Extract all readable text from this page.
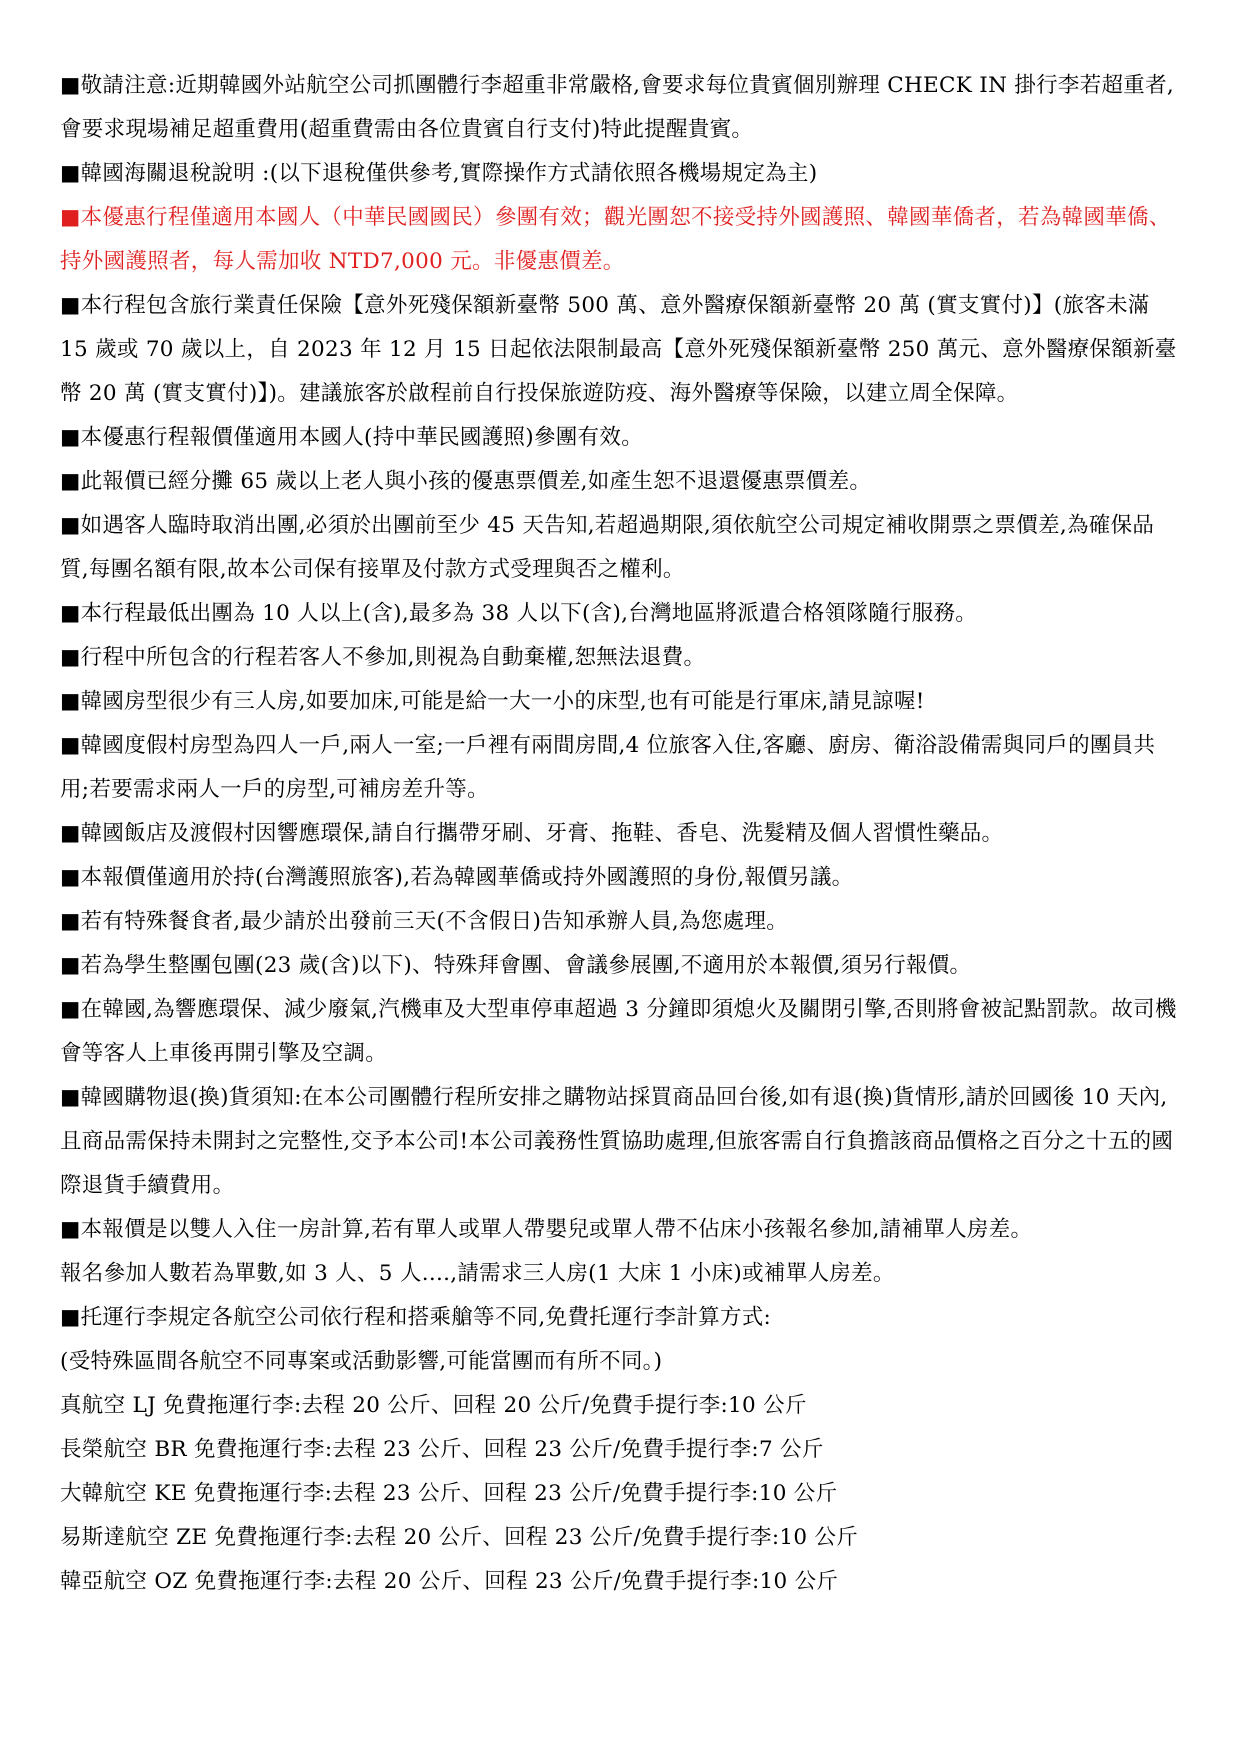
■敬請注意:近期韓國外站航空公司抓團體行李超重非常嚴格,會要求每位貴賓個別辦理 CHECK IN 掛行李若超重者,會要求現場補足超重費用(超重費需由各位貴賓自行支付)特此提醒貴賓。

■韓國海關退稅說明 :(以下退稅僅供參考,實際操作方式請依照各機場規定為主)

■本優惠行程僅適用本國人（中華民國國民）參團有效；觀光團恕不接受持外國護照、韓國華僑者，若為韓國華僑、持外國護照者，每人需加收 NTD7,000 元。非優惠價差。

■本行程包含旅行業責任保險【意外死殘保額新臺幣 500 萬、意外醫療保額新臺幣 20 萬 (實支實付)】(旅客未滿 15 歲或 70 歲以上，自 2023 年 12 月 15 日起依法限制最高【意外死殘保額新臺幣 250 萬元、意外醫療保額新臺幣 20 萬 (實支實付)】)。建議旅客於啟程前自行投保旅遊防疫、海外醫療等保險，以建立周全保障。

■本優惠行程報價僅適用本國人(持中華民國護照)參團有效。

■此報價已經分攤 65 歲以上老人與小孩的優惠票價差,如產生恕不退還優惠票價差。

■如遇客人臨時取消出團,必須於出團前至少 45 天告知,若超過期限,須依航空公司規定補收開票之票價差,為確保品質,每團名額有限,故本公司保有接單及付款方式受理與否之權利。

■本行程最低出團為 10 人以上(含),最多為 38 人以下(含),台灣地區將派遣合格領隊隨行服務。

■行程中所包含的行程若客人不參加,則視為自動棄權,恕無法退費。

■韓國房型很少有三人房,如要加床,可能是給一大一小的床型,也有可能是行軍床,請見諒喔!

■韓國度假村房型為四人一戶,兩人一室;一戶裡有兩間房間,4 位旅客入住,客廳、廚房、衛浴設備需與同戶的團員共用;若要需求兩人一戶的房型,可補房差升等。

■韓國飯店及渡假村因響應環保,請自行攜帶牙刷、牙膏、拖鞋、香皂、洗髮精及個人習慣性藥品。

■本報價僅適用於持(台灣護照旅客),若為韓國華僑或持外國護照的身份,報價另議。

■若有特殊餐食者,最少請於出發前三天(不含假日)告知承辦人員,為您處理。

■若為學生整團包團(23 歲(含)以下)、特殊拜會團、會議參展團,不適用於本報價,須另行報價。

■在韓國,為響應環保、減少廢氣,汽機車及大型車停車超過 3 分鐘即須熄火及關閉引擎,否則將會被記點罰款。故司機會等客人上車後再開引擎及空調。

■韓國購物退(換)貨須知:在本公司團體行程所安排之購物站採買商品回台後,如有退(換)貨情形,請於回國後 10 天內,且商品需保持未開封之完整性,交予本公司!本公司義務性質協助處理,但旅客需自行負擔該商品價格之百分之十五的國際退貨手續費用。

■本報價是以雙人入住一房計算,若有單人或單人帶嬰兒或單人帶不佔床小孩報名參加,請補單人房差。

報名參加人數若為單數,如 3 人、5 人....,請需求三人房(1 大床 1 小床)或補單人房差。

■托運行李規定各航空公司依行程和搭乘艙等不同,免費托運行李計算方式:

(受特殊區間各航空不同專案或活動影響,可能當團而有所不同。)

真航空 LJ 免費拖運行李:去程 20 公斤、回程 20 公斤/免費手提行李:10 公斤

長榮航空 BR 免費拖運行李:去程 23 公斤、回程 23 公斤/免費手提行李:7 公斤

大韓航空 KE 免費拖運行李:去程 23 公斤、回程 23 公斤/免費手提行李:10 公斤

易斯達航空 ZE 免費拖運行李:去程 20 公斤、回程 23 公斤/免費手提行李:10 公斤

韓亞航空 OZ 免費拖運行李:去程 20 公斤、回程 23 公斤/免費手提行李:10 公斤
